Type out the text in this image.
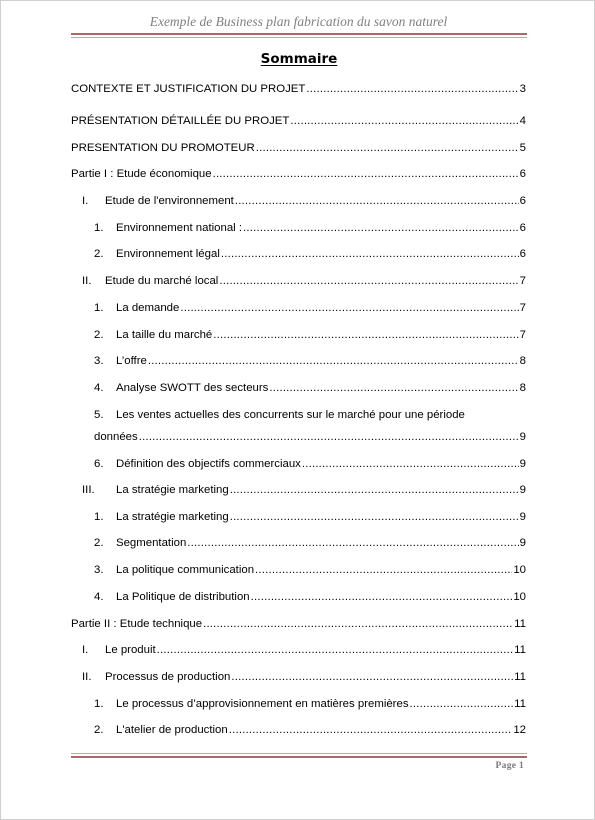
Exemple de Business plan fabrication du savon naturel
Sommaire
CONTEXTE ET JUSTIFICATION DU PROJET .....	3
PRÉSENTATION DÉTAILLÉE DU PROJET .....	4
PRESENTATION DU PROMOTEUR .....	5
Partie I : Etude économique .....	6
I.	Etude de l'environnement .....	6
1.	Environnement national : .....	6
2.	Environnement légal .....	6
II.	Etude du marché local .....	7
1.	La demande .....	7
2.	La taille du marché .....	7
3.	L’offre .....	8
4.	Analyse SWOTT des secteurs .....	8
5.	Les ventes actuelles des concurrents sur le marché pour une période
données .....	9
6.	Définition des objectifs commerciaux .....	9
III.	La stratégie marketing .....	9
1.	La stratégie marketing .....	9
2.	Segmentation .....	9
3.	La politique communication .....	10
4.	La Politique de distribution .....	10
Partie II : Etude technique .....	11
I.	Le produit .....	11
II.	Processus de production .....	11
1.	Le processus d’approvisionnement en matières premières .....	11
2.	L'atelier de production .....	12
Page 1
